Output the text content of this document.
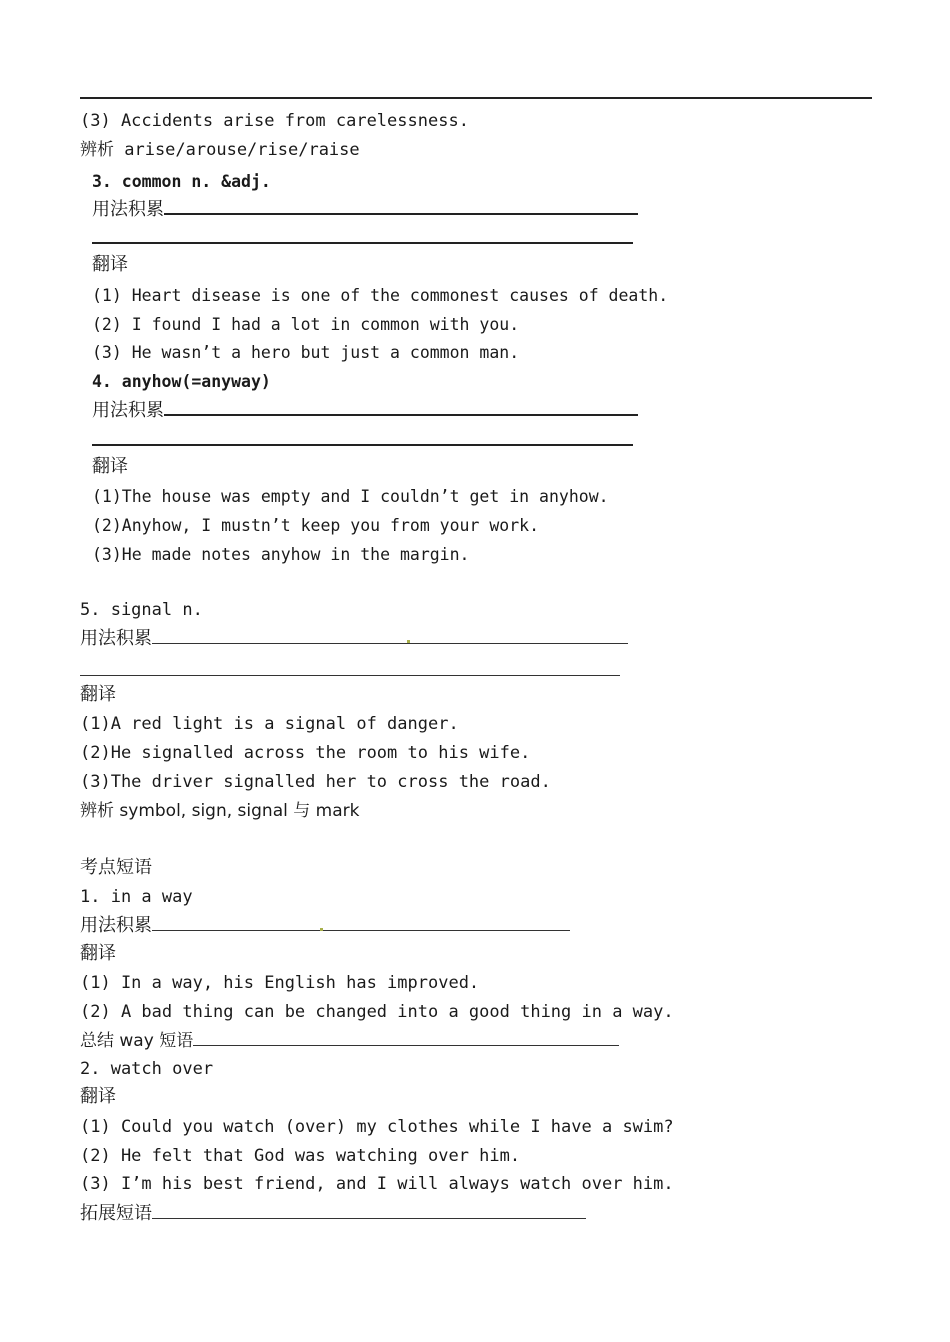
(3) Accidents arise from carelessness.
辨析 arise/arouse/rise/raise
3. common n. &adj.
用法积累
翻译
(1) Heart disease is one of the commonest causes of death.
(2) I found I had a lot in common with you.
(3) He wasn’t a hero but just a common man.
4. anyhow(=anyway)
用法积累
翻译
(1)The house was empty and I couldn’t get in anyhow.
(2)Anyhow, I mustn’t keep you from your work.
(3)He made notes anyhow in the margin.
5. signal n.
用法积累
翻译
(1)A red light is a signal of danger.
(2)He signalled across the room to his wife.
(3)The driver signalled her to cross the road.
辨析 symbol, sign, signal 与 mark
考点短语
1. in a way
用法积累
翻译
(1) In a way, his English has improved.
(2) A bad thing can be changed into a good thing in a way.
总结 way 短语
2. watch over
翻译
(1) Could you watch (over) my clothes while I have a swim?
(2) He felt that God was watching over him.
(3) I’m his best friend, and I will always watch over him.
拓展短语
